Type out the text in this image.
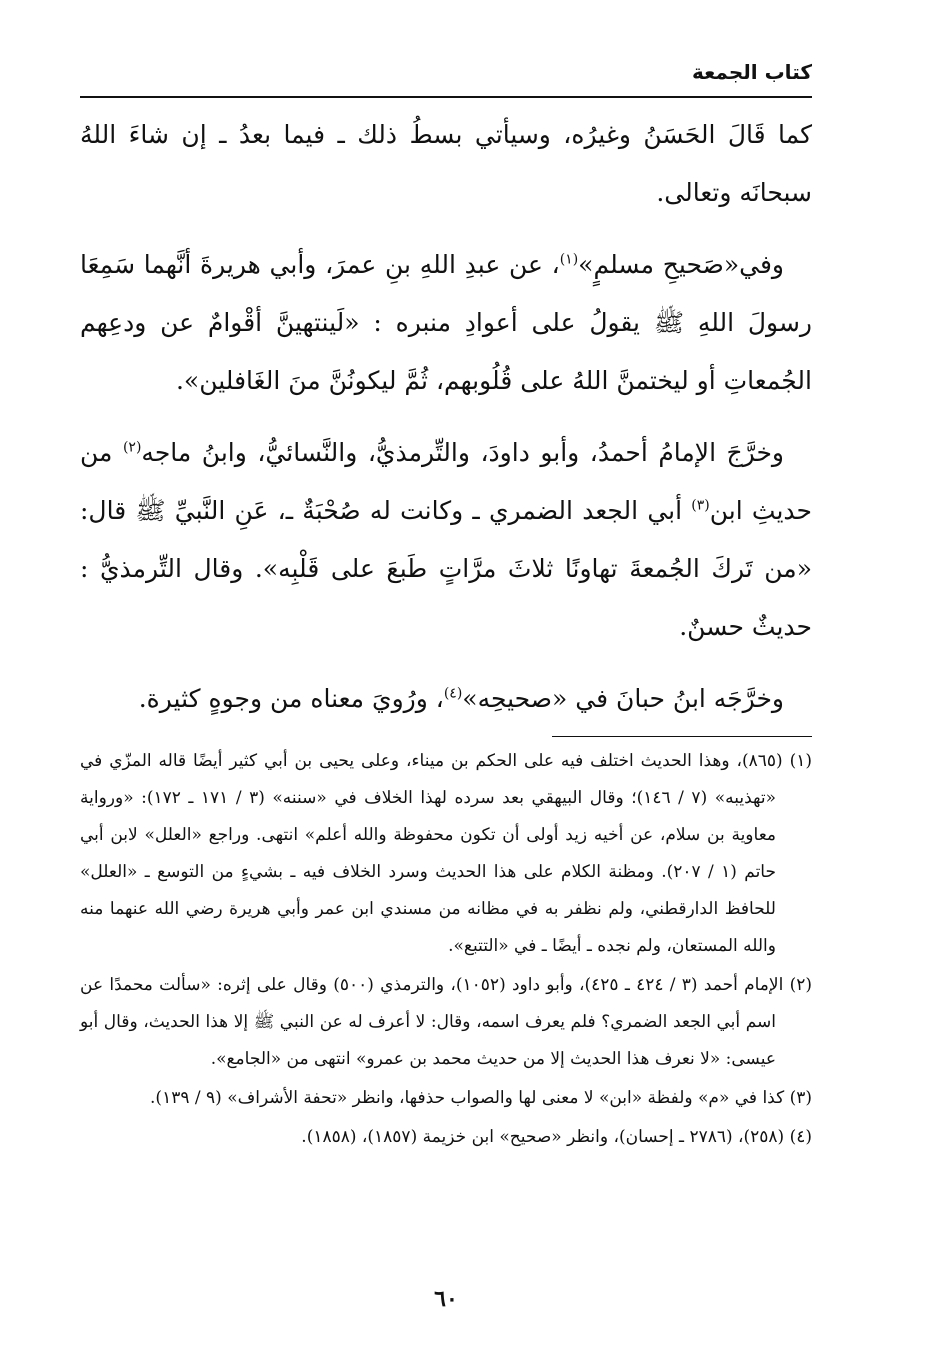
كتاب الجمعة

كما قَالَ الحَسَنُ وغيرُه، وسيأتي بسطُ ذلك ـ فيما بعدُ ـ إن شاءَ اللهُ سبحانَه وتعالى.

وفي«صَحيحِ مسلمٍ»$^{(١)}$، عن عبدِ اللهِ بنِ عمرَ، وأبي هريرةَ أنَّهما سَمِعَا رسولَ اللهِ ﷺ يقولُ على أعوادِ منبره : «لَينتهينَّ أقْوامٌ عن ودعِهم الجُمعاتِ أو ليختمنَّ اللهُ على قُلُوبهم، ثُمَّ ليكونُنَّ منَ الغَافلين».

وخرَّجَ الإمامُ أحمدُ، وأبو داودَ، والتِّرمذيُّ، والنَّسائيُّ، وابنُ ماجه$^{(٢)}$ من حديثِ ابن$^{(٣)}$ أبي الجعد الضمري ـ وكانت له صُحْبَةٌ ـ، عَنِ النَّبيِّ ﷺ قال: «من تَركَ الجُمعةَ تهاونًا ثلاثَ مرَّاتٍ طَبعَ على قَلْبِه». وقال التِّرمذيُّ : حديثٌ حسنٌ.

وخرَّجَه ابنُ حبانَ في «صحيحِه»$^{(٤)}$، ورُويَ معناه من وجوهٍ كثيرة.

(١) (٨٦٥)، وهذا الحديث اختلف فيه على الحكم بن ميناء، وعلى يحيى بن أبي كثير أيضًا قاله المزّي في «تهذيبه» (٧ / ١٤٦)؛ وقال البيهقي بعد سرده لهذا الخلاف في «سننه» (٣ / ١٧١ ـ ١٧٢): «ورواية معاوية بن سلام، عن أخيه زيد أولى أن تكون محفوظة والله أعلم» انتهى. وراجع «العلل» لابن أبي حاتم (١ / ٢٠٧). ومظنة الكلام على هذا الحديث وسرد الخلاف فيه ـ بشيءٍ من التوسع ـ «العلل» للحافظ الدارقطني، ولم نظفر به في مظانه من مسندي ابن عمر وأبي هريرة رضي الله عنهما منه والله المستعان، ولم نجده ـ أيضًا ـ في «التتبع».

(٢) الإمام أحمد (٣ / ٤٢٤ ـ ٤٢٥)، وأبو داود (١٠٥٢)، والترمذي (٥٠٠) وقال على إثره: «سألت محمدًا عن اسم أبي الجعد الضمري؟ فلم يعرف اسمه، وقال: لا أعرف له عن النبي ﷺ إلا هذا الحديث، وقال أبو عيسى: «لا نعرف هذا الحديث إلا من حديث محمد بن عمرو» انتهى من «الجامع».

(٣) كذا في «م» ولفظة «ابن» لا معنى لها والصواب حذفها، وانظر «تحفة الأشراف» (٩ / ١٣٩).

(٤) (٢٥٨)، (٢٧٨٦ ـ إحسان)، وانظر «صحيح» ابن خزيمة (١٨٥٧)، (١٨٥٨).

٦٠
